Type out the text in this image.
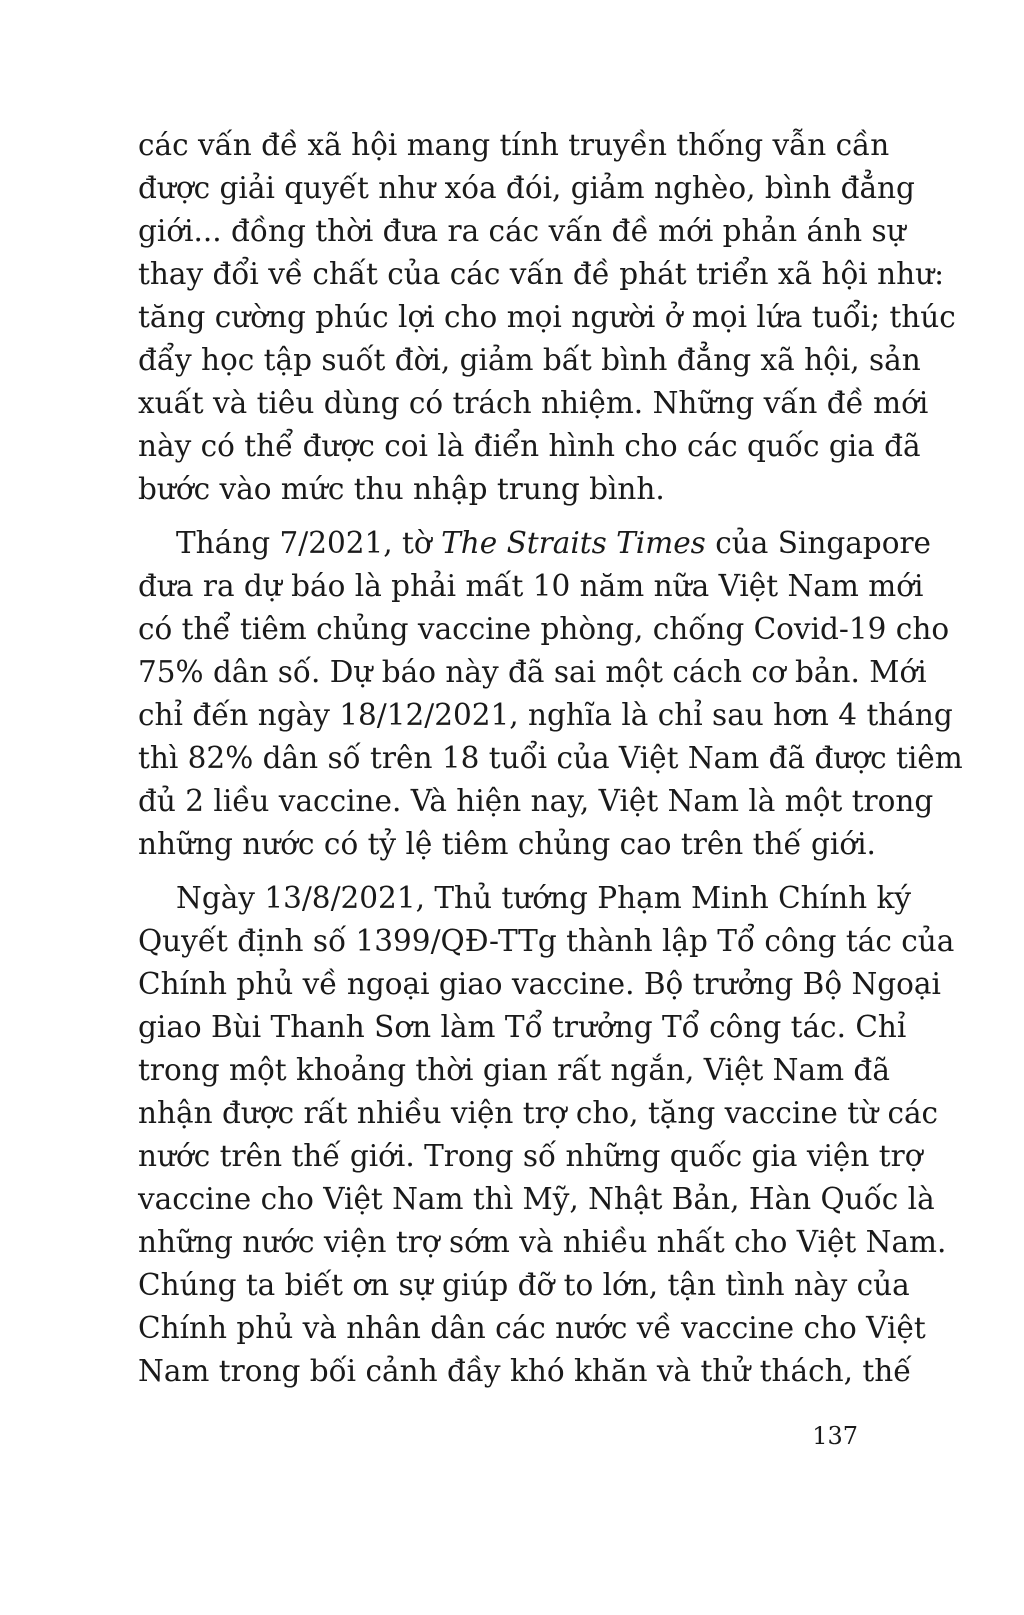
các vấn đề xã hội mang tính truyền thống vẫn cần
được giải quyết như xóa đói, giảm nghèo, bình đẳng
giới... đồng thời đưa ra các vấn đề mới phản ánh sự
thay đổi về chất của các vấn đề phát triển xã hội như:
tăng cường phúc lợi cho mọi người ở mọi lứa tuổi; thúc
đẩy học tập suốt đời, giảm bất bình đẳng xã hội, sản
xuất và tiêu dùng có trách nhiệm. Những vấn đề mới
này có thể được coi là điển hình cho các quốc gia đã
bước vào mức thu nhập trung bình.
Tháng 7/2021, tờ The Straits Times của Singapore
đưa ra dự báo là phải mất 10 năm nữa Việt Nam mới
có thể tiêm chủng vaccine phòng, chống Covid-19 cho
75% dân số. Dự báo này đã sai một cách cơ bản. Mới
chỉ đến ngày 18/12/2021, nghĩa là chỉ sau hơn 4 tháng
thì 82% dân số trên 18 tuổi của Việt Nam đã được tiêm
đủ 2 liều vaccine. Và hiện nay, Việt Nam là một trong
những nước có tỷ lệ tiêm chủng cao trên thế giới.
Ngày 13/8/2021, Thủ tướng Phạm Minh Chính ký
Quyết định số 1399/QĐ-TTg thành lập Tổ công tác của
Chính phủ về ngoại giao vaccine. Bộ trưởng Bộ Ngoại
giao Bùi Thanh Sơn làm Tổ trưởng Tổ công tác. Chỉ
trong một khoảng thời gian rất ngắn, Việt Nam đã
nhận được rất nhiều viện trợ cho, tặng vaccine từ các
nước trên thế giới. Trong số những quốc gia viện trợ
vaccine cho Việt Nam thì Mỹ, Nhật Bản, Hàn Quốc là
những nước viện trợ sớm và nhiều nhất cho Việt Nam.
Chúng ta biết ơn sự giúp đỡ to lớn, tận tình này của
Chính phủ và nhân dân các nước về vaccine cho Việt
Nam trong bối cảnh đầy khó khăn và thử thách, thế
137
